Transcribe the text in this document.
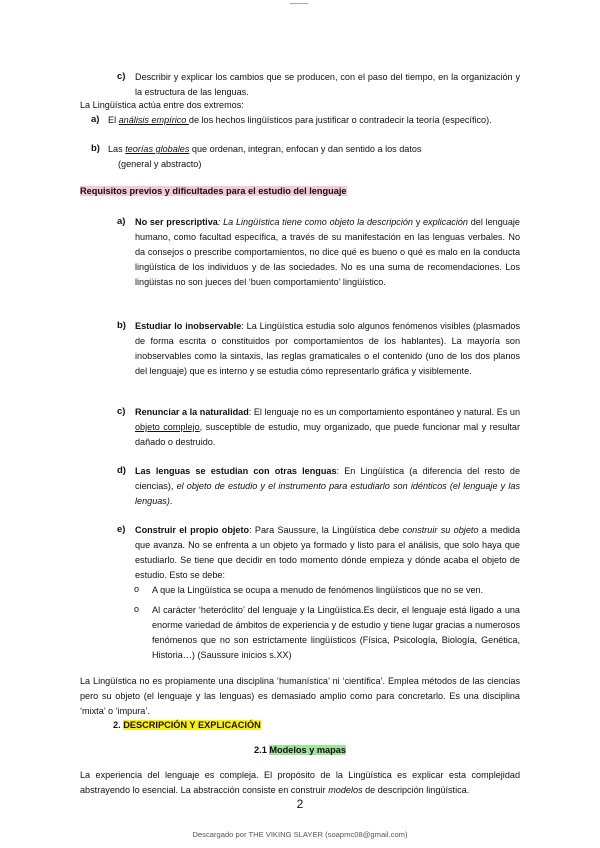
c) Describir y explicar los cambios que se producen, con el paso del tiempo, en la organización y la estructura de las lenguas.
La Lingüística actúa entre dos extremos:
a) El análisis empírico de los hechos lingüísticos para justificar o contradecir la teoría (específico).
b) Las teorías globales que ordenan, integran, enfocan y dan sentido a los datos
(general y abstracto)
Requisitos previos y dificultades para el estudio del lenguaje
a) No ser prescriptiva: La Lingüística tiene como objeto la descripción y explicación del lenguaje humano, como facultad específica, a través de su manifestación en las lenguas verbales. No da consejos o prescribe comportamientos, no dice qué es bueno o qué es malo en la conducta lingüística de los individuos y de las sociedades. No es una suma de recomendaciones. Los lingüistas no son jueces del ‘buen comportamiento’ lingüístico.
b) Estudiar lo inobservable: La Lingüística estudia solo algunos fenómenos visibles (plasmados de forma escrita o constituidos por comportamientos de los hablantes). La mayoría son inobservables como la sintaxis, las reglas gramaticales o el contenido (uno de los dos planos del lenguaje) que es interno y se estudia cómo representarlo gráfica y visiblemente.
c) Renunciar a la naturalidad: El lenguaje no es un comportamiento espontáneo y natural. Es un objeto complejo, susceptible de estudio, muy organizado, que puede funcionar mal y resultar dañado o destruido.
d) Las lenguas se estudian con otras lenguas: En Lingüística (a diferencia del resto de ciencias), el objeto de estudio y el instrumento para estudiarlo son idénticos (el lenguaje y las lenguas).
e) Construir el propio objeto: Para Saussure, la Lingüística debe construir su objeto a medida que avanza. No se enfrenta a un objeto ya formado y listo para el análisis, que solo haya que estudiarlo. Se tiene que decidir en todo momento dónde empieza y dónde acaba el objeto de estudio. Esto se debe:
o A que la Lingüística se ocupa a menudo de fenómenos lingüísticos que no se ven.
o Al carácter ‘heteróclito’ del lenguaje y la Lingüística.Es decir, el lenguaje está ligado a una enorme variedad de ámbitos de experiencia y de estudio y tiene lugar gracias a numerosos fenómenos que no son estrictamente lingüísticos (Física, Psicología, Biología, Genética, Historia…) (Saussure inicios s.XX)
La Lingüística no es propiamente una disciplina ‘humanística’ ni ‘científica’. Emplea métodos de las ciencias pero su objeto (el lenguaje y las lenguas) es demasiado amplio como para concretarlo. Es una disciplina ‘mixta’ o ‘impura’.
2. DESCRIPCIÓN Y EXPLICACIÓN
2.1 Modelos y mapas
La experiencia del lenguaje es compleja. El propósito de la Lingüística es explicar esta complejidad abstrayendo lo esencial. La abstracción consiste en construir modelos de descripción lingüística.
2
Descargado por THE VIKING SLAYER (soapmc08@gmail.com)
